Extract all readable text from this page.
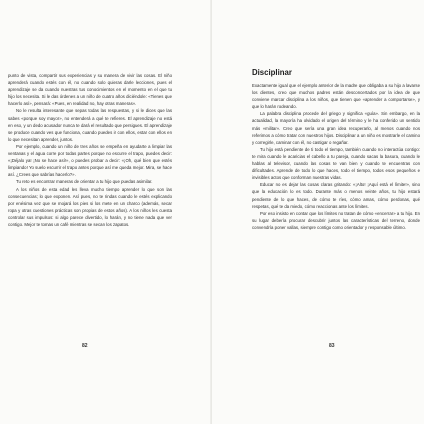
punto de vista, compartir sus experiencias y su manera de vivir las cosas. El niño aprenderá cuando estés con él, no cuando solo quieras darle lecciones, pues el aprendizaje se da cuando nuestras tus conocimientos en el momento en el que tu hijo los necesita. Si le das órdenes a un niño de cuatro años diciéndole: «Tienes que hacerlo así», pensará: «Pues, en realidad no, hay otras maneras».

No le resulta interesante que sepas todas las respuestas, y si le dices que las sabes «porque soy mayor», no entenderá a qué te refieres. El aprendizaje no está en eso, y un dedo acusador nunca te dará el resultado que persigues. El aprendizaje se produce cuando ves que funciona, cuando puedes ir con ellos, estar con ellos en lo que necesitan aprender, juntos.

Por ejemplo, cuando un niño de tres años se empeña en ayudarte a limpiar las ventanas y el agua corre por todas partes porque no escurre el trapo, puedes decir: «¡Déjalo ya! ¡No se hace así!», o puedes probar a decir: «¡Oh, qué bien que estés limpiando! Yo suelo escurrir el trapo antes porque así me queda mejor. Mira, se hace así. ¿Crees que sabrías hacerlo?».

Tu reto es encontrar maneras de orientar a tu hijo que puedas asimilar.

A los niños de esta edad les lleva mucho tiempo aprender lo que son las consecuencias; lo que exponen. Así pues, no te rindas cuando le estés explicando por enésima vez que se mojará los pies si los mete en un charco (además, secar ropa y otras cuestiones prácticas son propias de estos años). A los niños les cuesta controlar sus impulsos: si algo parece divertido, lo harán, y no tiene nada que ver contigo. Mejor te tomas un café mientras se secan los zapatos.

82
Disciplinar

Exactamente igual que el ejemplo anterior de la madre que obligaba a su hijo a lavarse los dientes, creo que muchos padres están desconcertados por la idea de que conviene marcar disciplina a los niños, que tienen que «aprender a comportarse», y que lo harán rodeando.

La palabra disciplina procede del griego y significa «guía». Sin embargo, en la actualidad, la mayoría ha olvidado el origen del término y le ha conferido un sentido más «militar». Creo que sería una gran idea recuperarlo, al menos cuando nos referimos a cómo tratar con nuestros hijos. Disciplinar a un niño es mostrarle el camino y corregirle, caminar con él, no castigar o regañar.

Tu hijo está pendiente de ti todo el tiempo, también cuando no interactúa contigo: te mira cuando le acaricias el cabello a tu pareja, cuando sacas la basura, cuando le hablas al televisor, cuando las cosas te van bien y cuando te encuentras con dificultades. Aprende de todo lo que haces, todo el tiempo, todos esos pequeños e invisibles actos que conforman nuestras vidas.

Educar no es dejar las cosas claras gritando: «¡Alto! ¡Aquí está el límite!», sino que la educación lo es todo. Durante más o menos veinte años, tu hijo estará pendiente de lo que haces, de cómo te ríes, cómo amas, cómo perdonas, qué respetas, qué te da miedo, cómo reaccionas ante los límites.

Por eso insisto en contar que los límites no tratan de cómo «encerrar» a tu hijo. En su lugar debería procurar descubrir juntos las características del terreno, donde convendría poner vallas, siempre contigo como orientador y responsable último.

83
